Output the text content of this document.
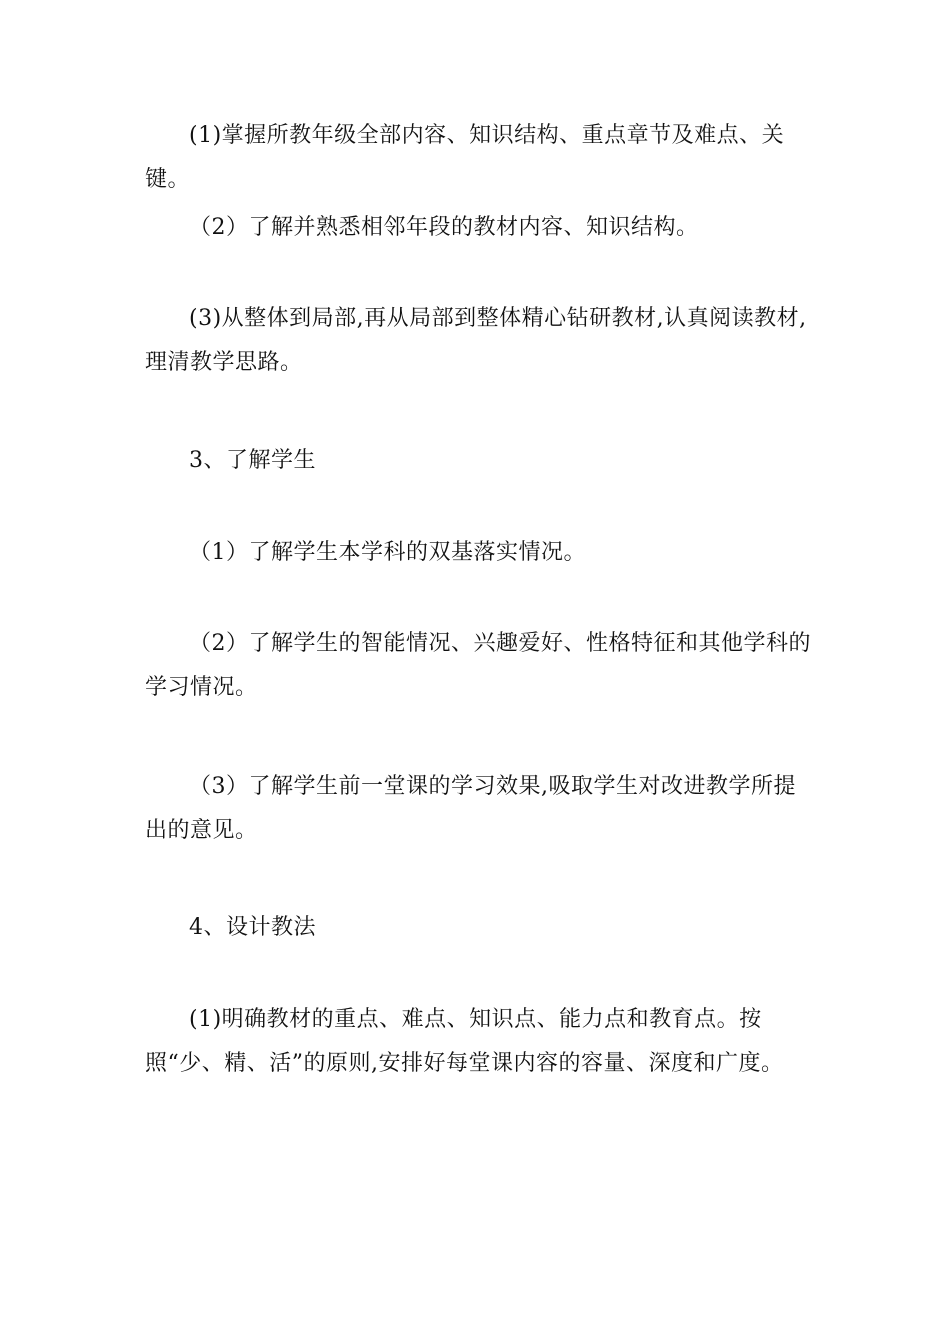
(1)掌握所教年级全部内容、知识结构、重点章节及难点、关键。

（2）了解并熟悉相邻年段的教材内容、知识结构。

(3)从整体到局部,再从局部到整体精心钻研教材,认真阅读教材,理清教学思路。

3、了解学生

（1）了解学生本学科的双基落实情况。

（2）了解学生的智能情况、兴趣爱好、性格特征和其他学科的学习情况。

（3）了解学生前一堂课的学习效果,吸取学生对改进教学所提出的意见。

4、设计教法

(1)明确教材的重点、难点、知识点、能力点和教育点。按照“少、精、活”的原则,安排好每堂课内容的容量、深度和广度。
